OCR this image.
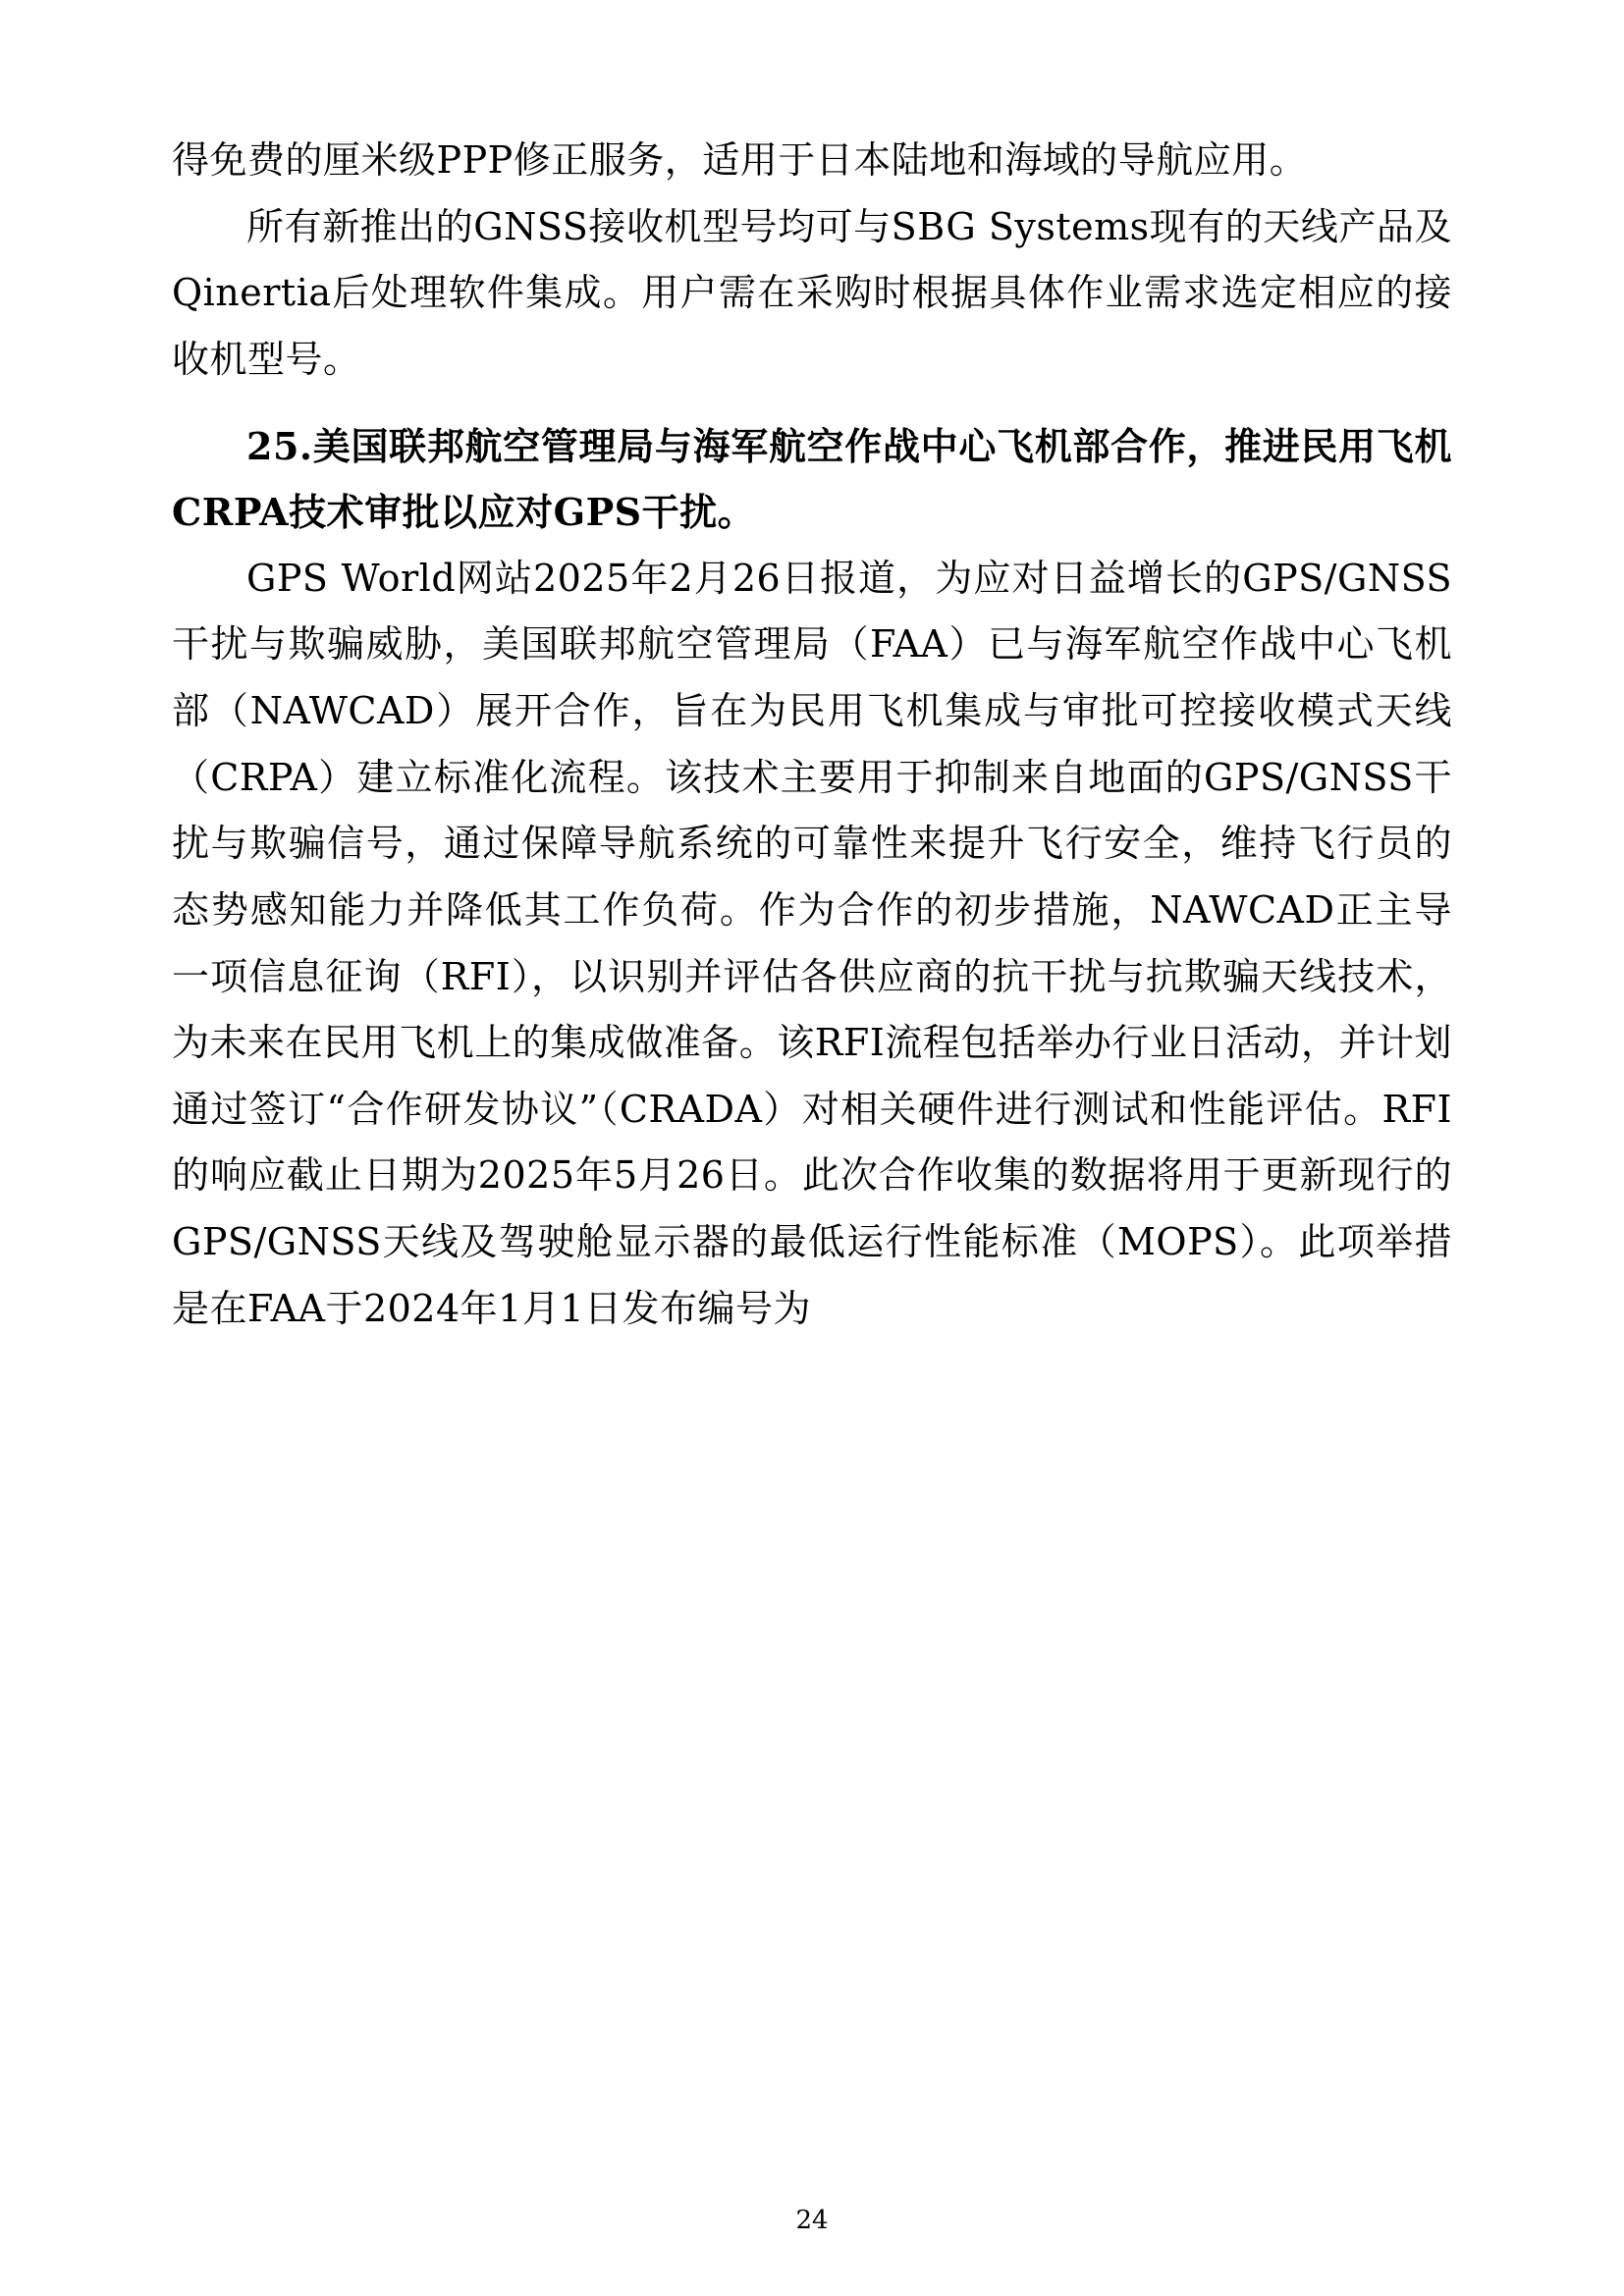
得免费的厘米级PPP修正服务，适用于日本陆地和海域的导航应用。

所有新推出的GNSS接收机型号均可与SBG Systems现有的天线产品及Qinertia后处理软件集成。用户需在采购时根据具体作业需求选定相应的接收机型号。

25.美国联邦航空管理局与海军航空作战中心飞机部合作，推进民用飞机CRPA技术审批以应对GPS干扰。

GPS World网站2025年2月26日报道，为应对日益增长的GPS/GNSS干扰与欺骗威胁，美国联邦航空管理局（FAA）已与海军航空作战中心飞机部（NAWCAD）展开合作，旨在为民用飞机集成与审批可控接收模式天线（CRPA）建立标准化流程。该技术主要用于抑制来自地面的GPS/GNSS干扰与欺骗信号，通过保障导航系统的可靠性来提升飞行安全，维持飞行员的态势感知能力并降低其工作负荷。作为合作的初步措施，NAWCAD正主导一项信息征询（RFI），以识别并评估各供应商的抗干扰与抗欺骗天线技术，为未来在民用飞机上的集成做准备。该RFI流程包括举办行业日活动，并计划通过签订“合作研发协议”（CRADA）对相关硬件进行测试和性能评估。RFI的响应截止日期为2025年5月26日。此次合作收集的数据将用于更新现行的GPS/GNSS天线及驾驶舱显示器的最低运行性能标准（MOPS）。此项举措是在FAA于2024年1月1日发布编号为

24
